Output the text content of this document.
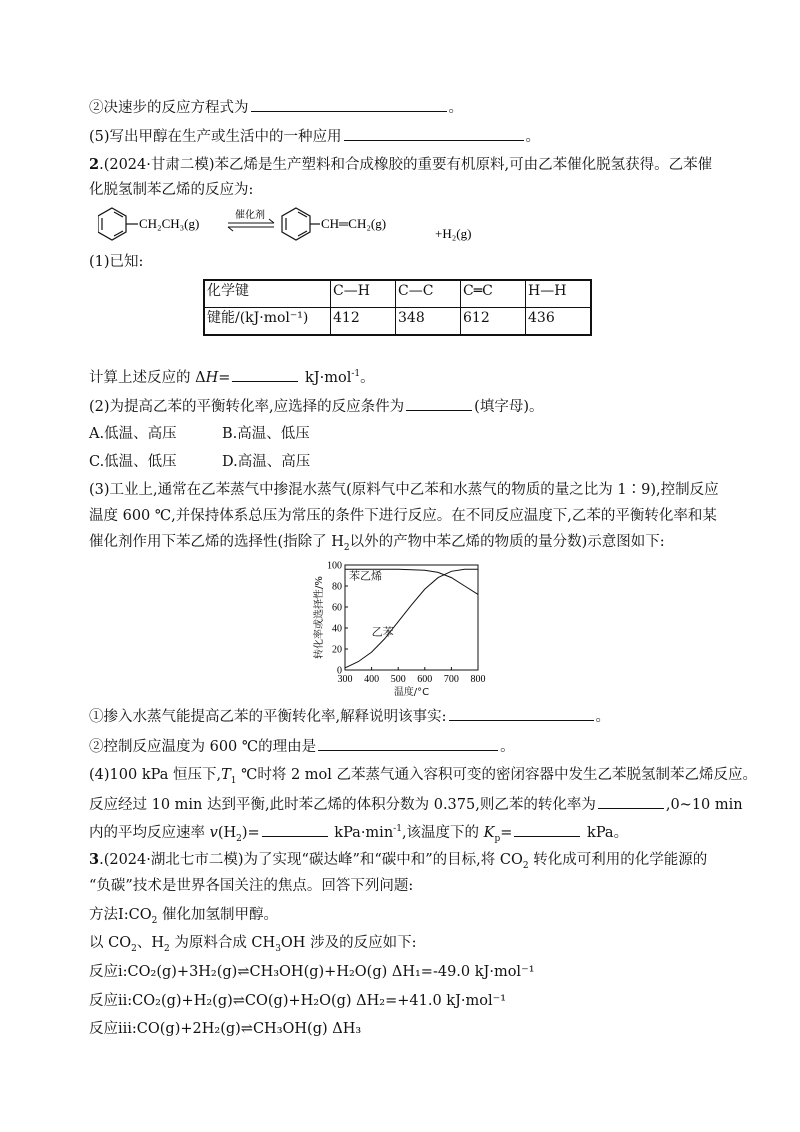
②决速步的反应方程式为	。
(5)写出甲醇在生产或生活中的一种应用	。
2.(2024·甘肃二模)苯乙烯是生产塑料和合成橡胶的重要有机原料,可由乙苯催化脱氢获得。乙苯催
化脱氢制苯乙烯的反应为:
CH₂CH₃(g)
催化剂
CH═CH₂(g)
+H₂(g)
(1)已知:
化学键	C—H	C—C	C═C	H—H
键能/(kJ·mol⁻¹)	412	348	612	436
计算上述反应的 ΔH=	kJ·mol$^{-1}$。
(2)为提高乙苯的平衡转化率,应选择的反应条件为	(填字母)。
A.低温、高压	B.高温、低压
C.低温、低压	D.高温、高压
(3)工业上,通常在乙苯蒸气中掺混水蒸气(原料气中乙苯和水蒸气的物质的量之比为 1∶9),控制反应
温度 600 ℃,并保持体系总压为常压的条件下进行反应。在不同反应温度下,乙苯的平衡转化率和某
催化剂作用下苯乙烯的选择性(指除了 $H_2$以外的产物中苯乙烯的物质的量分数)示意图如下:
转化率或选择性/%
温度/°C
0
20
40
60
80
100
300 400 500 600 700 800
苯乙烯
乙苯
①掺入水蒸气能提高乙苯的平衡转化率,解释说明该事实:	。
②控制反应温度为 600 ℃的理由是	。
(4)100 kPa 恒压下$,T_1$ ℃时将 2 mol 乙苯蒸气通入容积可变的密闭容器中发生乙苯脱氢制苯乙烯反应。
反应经过 10 min 达到平衡,此时苯乙烯的体积分数为 0.375,则乙苯的转化率为	,0~10 min
内的平均反应速率 $v(H_2)=$	$kPa\cdot\min^{-1}$,该温度下的 $K_p=$	kPa。
3.(2024·湖北七市二模)为了实现“碳达峰”和“碳中和”的目标,将 $CO_2$ 转化成可利用的化学能源的
“负碳”技术是世界各国关注的焦点。回答下列问题:
方法$Ⅰ:CO_2$ 催化加氢制甲醇。
以 $CO_2$、$H_2$ 为原料合成 $CH_3OH$ 涉及的反应如下:
反应ⅰ:CO₂(g)+3H₂(g)⇌CH₃OH(g)+H₂O(g) ΔH₁=-49.0 kJ·mol⁻¹
反应ⅱ:CO₂(g)+H₂(g)⇌CO(g)+H₂O(g) ΔH₂=+41.0 kJ·mol⁻¹
反应ⅲ:CO(g)+2H₂(g)⇌CH₃OH(g) ΔH₃
